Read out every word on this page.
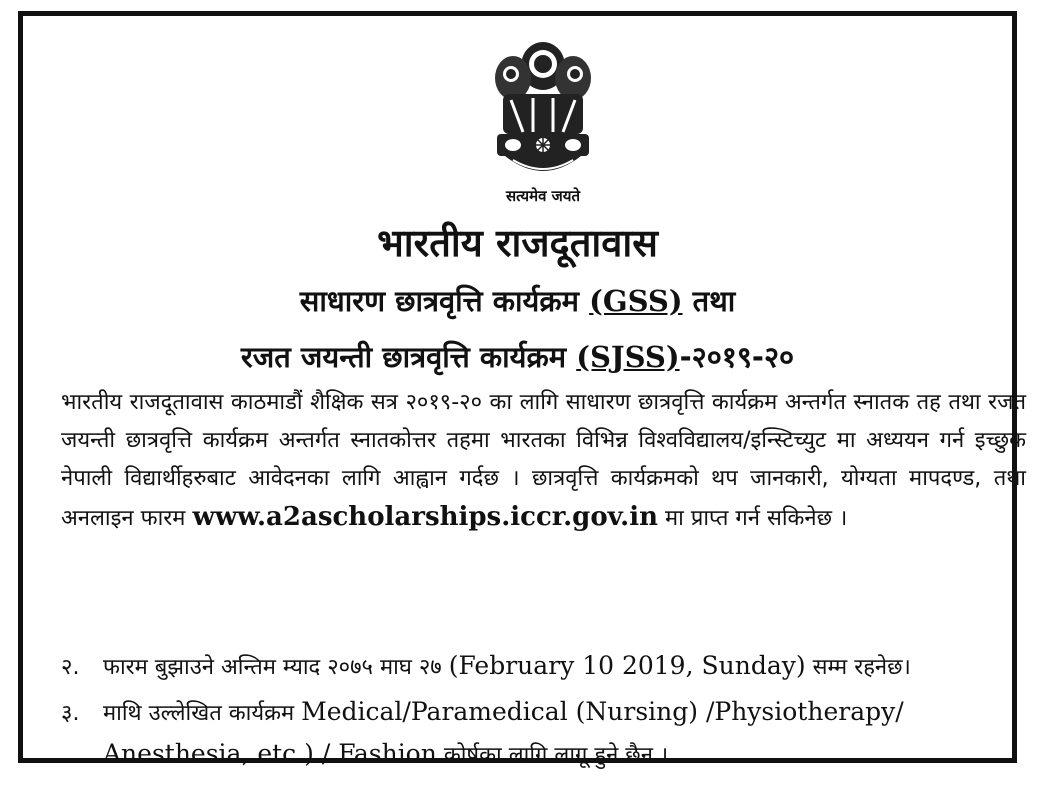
सत्यमेव जयते
भारतीय राजदूतावास
साधारण छात्रवृत्ति कार्यक्रम (GSS) तथा
रजत जयन्ती छात्रवृत्ति कार्यक्रम (SJSS)-२०१९-२०
भारतीय राजदूतावास काठमाडौं शैक्षिक सत्र २०१९-२० का लागि साधारण छात्रवृत्ति कार्यक्रम अन्तर्गत स्नातक तह तथा रजत जयन्ती छात्रवृत्ति कार्यक्रम अन्तर्गत स्नातकोत्तर तहमा भारतका विभिन्न विश्वविद्यालय/इन्स्टिच्युट मा अध्ययन गर्न इच्छुक नेपाली विद्यार्थीहरुबाट आवेदनका लागि आह्वान गर्दछ । छात्रवृत्ति कार्यक्रमको थप जानकारी, योग्यता मापदण्ड, तथा अनलाइन फारम www.a2ascholarships.iccr.gov.in मा प्राप्त गर्न सकिनेछ ।
२. फारम बुझाउने अन्तिम म्याद २०७५ माघ २७ (February 10 2019, Sunday) सम्म रहनेछ।
३. माथि उल्लेखित कार्यक्रम Medical/Paramedical (Nursing) /Physiotherapy/
Anesthesia, etc.) / Fashion कोर्षका लागि लागू हुने छैन ।
